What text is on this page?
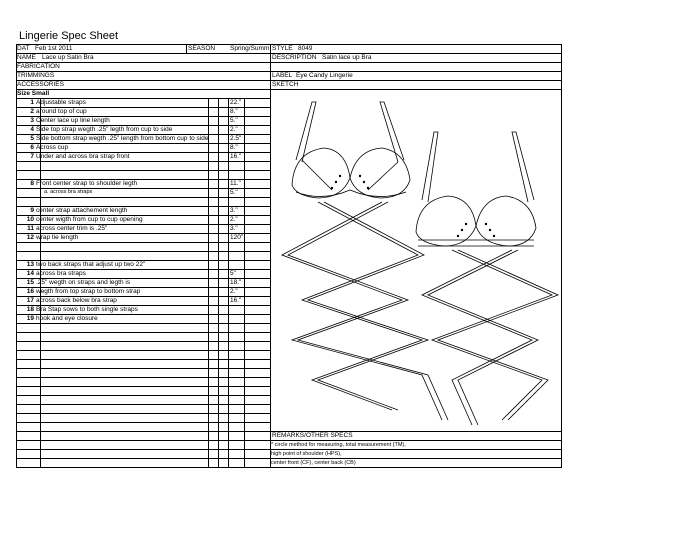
Lingerie Spec Sheet
DAT Feb 1st 2011	SEASON Spring/Summ STYLE 8049
NAME Lace up Satin Bra	DESCRIPTION Satin lace up Bra
FABRICATION
TRIMMINGS	LABEL Eye Candy Lingerie
ACCESSORIES	SKETCH
Size Small
1 Adjustable straps	22."
2 around top of cup	8."
3 Center lace up line length	5."
4 Side top strap wegth .25" legth from cup to side	2."
5 Side bottom strap wegth .25" length from bottom cup to side	2.5"
6 Across cup	8."
7 Under and across bra strap front	16."
8 Front center strap to shoulder legth	11."
a. across bra straps	5."
9 center strap attachement length	3."
10 center wigth from cup to cup opening	2."
11 across center trim is .25"	3."
12 wrap tie length	120"
13 two back straps that adjust up two 22"
14 across bra straps	5"
15 .25" wegth on straps and legth is	18."
16 wegth from top strap to bottom strap	2."
17 across back below bra strap	16."
18 Bra Stap sows to both single straps
19 hook and eye closure
REMARKS/OTHER SPECS
* circle method for measuring, total measurement (TM),
high point of shoulder (HPS),
center front (CF), center back (CB)
